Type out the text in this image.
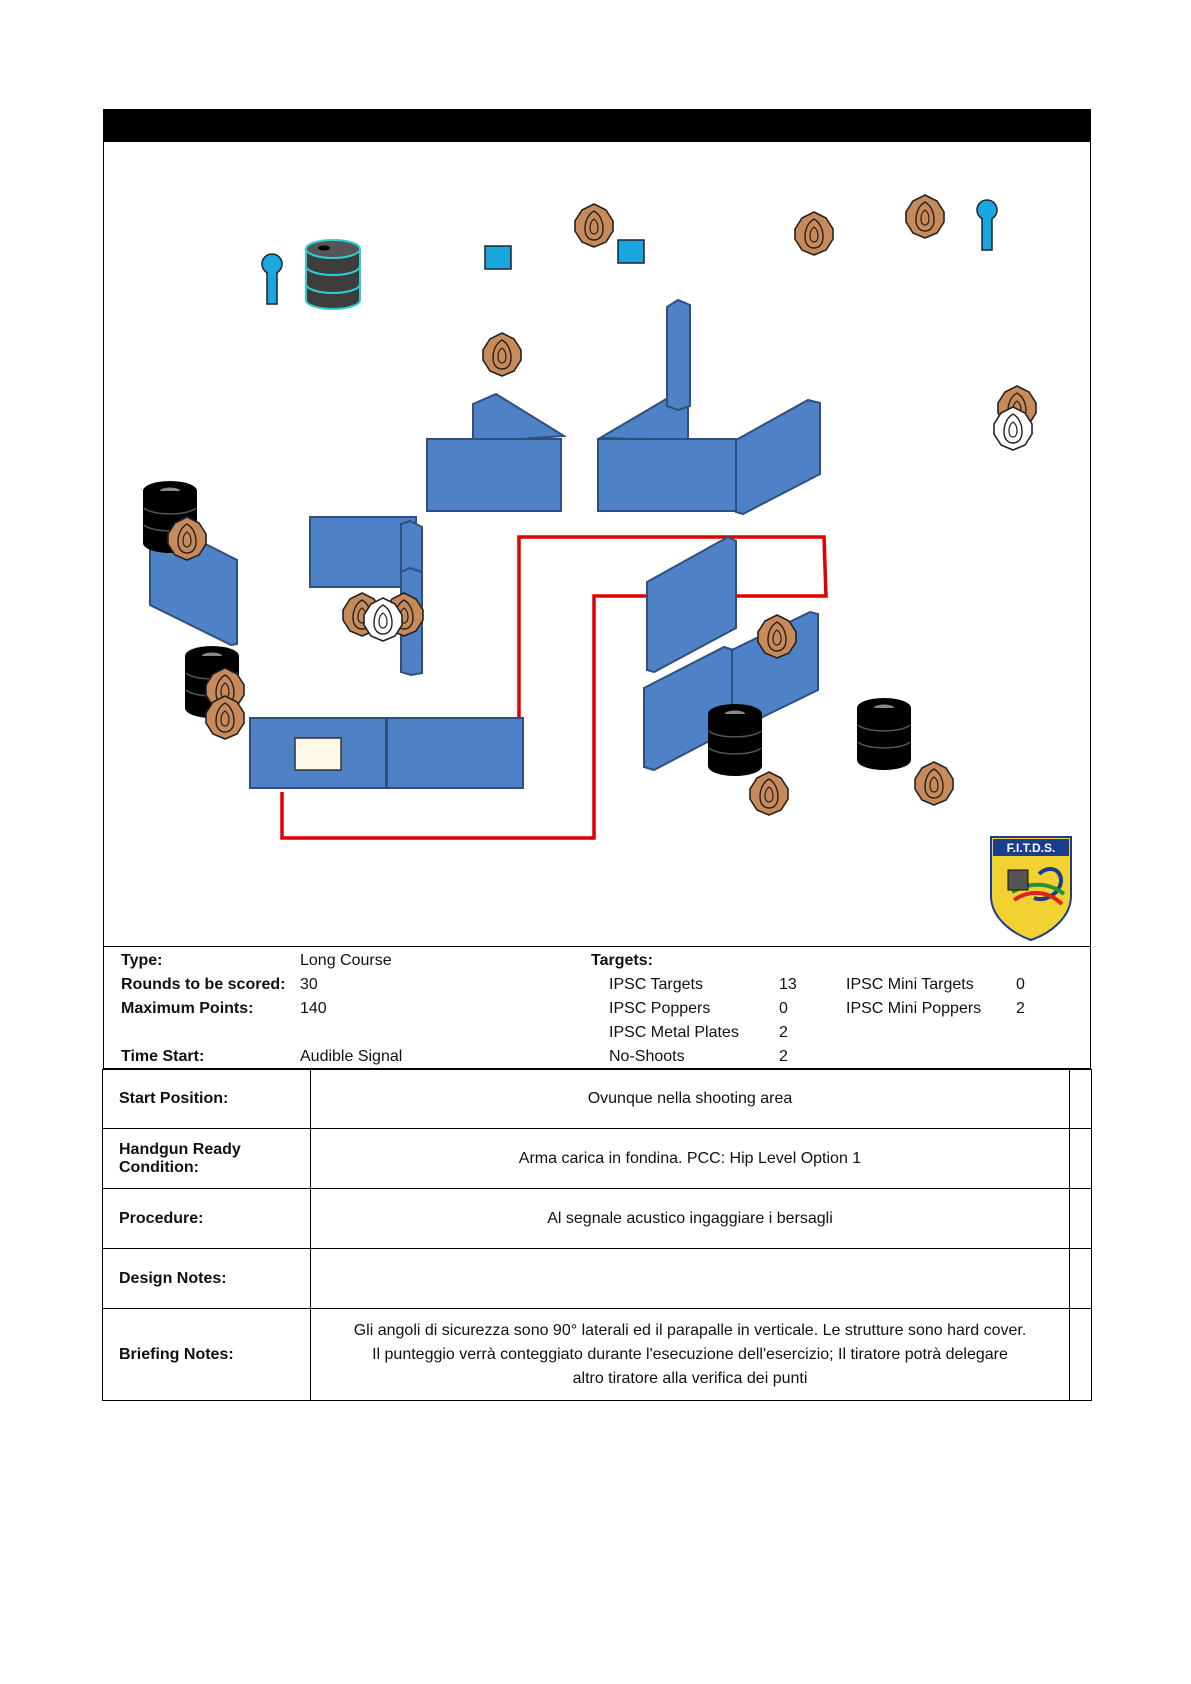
F.I.T.D.S.
Type:	Long Course
Rounds to be scored: 30
Maximum Points:	140
Time Start:	Audible Signal
Targets:
IPSC Targets	13
IPSC Poppers	0
IPSC Metal Plates	2
No-Shoots	2
IPSC Mini Targets	0
IPSC Mini Poppers 2
Start Position:	Ovunque nella shooting area	

Handgun Ready
Condition:	Arma carica in fondina. PCC: Hip Level Option 1	
Procedure:	Al segnale acustico ingaggiare i bersagli	
Design Notes:		
Briefing Notes:	Gli angoli di sicurezza sono 90° laterali ed il parapalle in verticale. Le strutture sono hard cover.
Il punteggio verrà conteggiato durante l'esecuzione dell'esercizio; Il tiratore potrà delegare
altro tiratore alla verifica dei punti	
